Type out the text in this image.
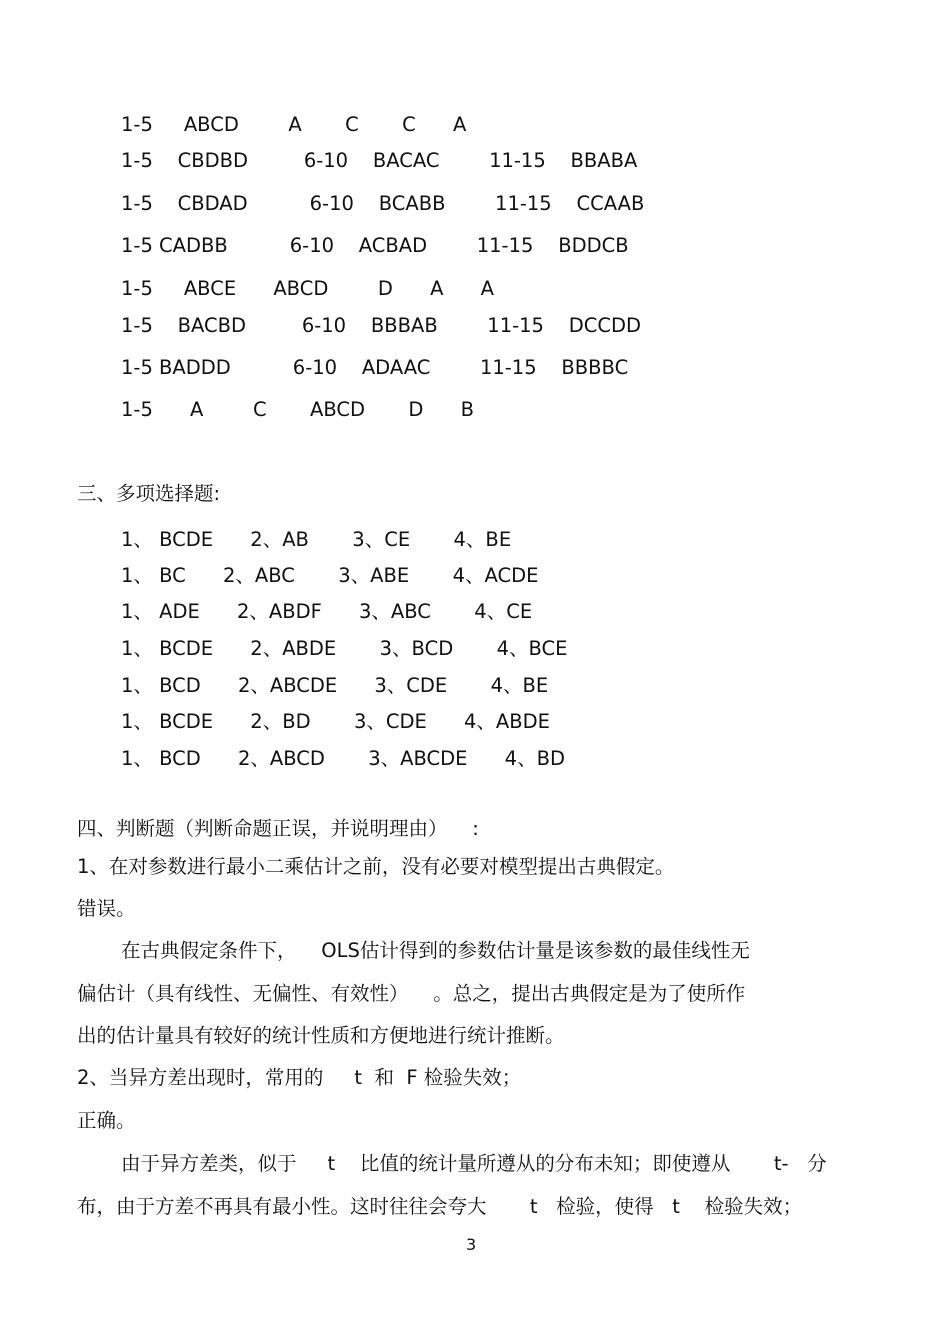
1-5     ABCD        A       C       C      A
1-5    CBDBD         6-10    BACAC        11-15    BBABA
1-5    CBDAD          6-10    BCABB        11-15    CCAAB
1-5 CADBB          6-10    ACBAD        11-15    BDDCB
1-5     ABCE      ABCD        D      A      A
1-5    BACBD         6-10    BBBAB        11-15    DCCDD
1-5 BADDD          6-10    ADAAC        11-15    BBBBC
1-5      A        C       ABCD       D      B
三、多项选择题:
1、 BCDE      2、AB       3、CE       4、BE
1、 BC      2、ABC       3、ABE       4、ACDE
1、 ADE      2、ABDF      3、ABC       4、CE
1、 BCDE      2、ABDE       3、BCD       4、BCE
1、 BCD      2、ABCDE      3、CDE       4、BE
1、 BCDE      2、BD       3、CDE      4、ABDE
1、 BCD      2、ABCD       3、ABCDE      4、BD
四、判断题（判断命题正误，并说明理由）    :
1、在对参数进行最小二乘估计之前，没有必要对模型提出古典假定。
错误。
在古典假定条件下，    OLS估计得到的参数估计量是该参数的最佳线性无
偏估计（具有线性、无偏性、有效性）    。总之，提出古典假定是为了使所作
出的估计量具有较好的统计性质和方便地进行统计推断。
2、当异方差出现时，常用的     t  和  F 检验失效；
正确。
由于异方差类，似于     t    比值的统计量所遵从的分布未知；即使遵从       t-   分
布，由于方差不再具有最小性。这时往往会夸大       t   检验，使得   t    检验失效；
3
